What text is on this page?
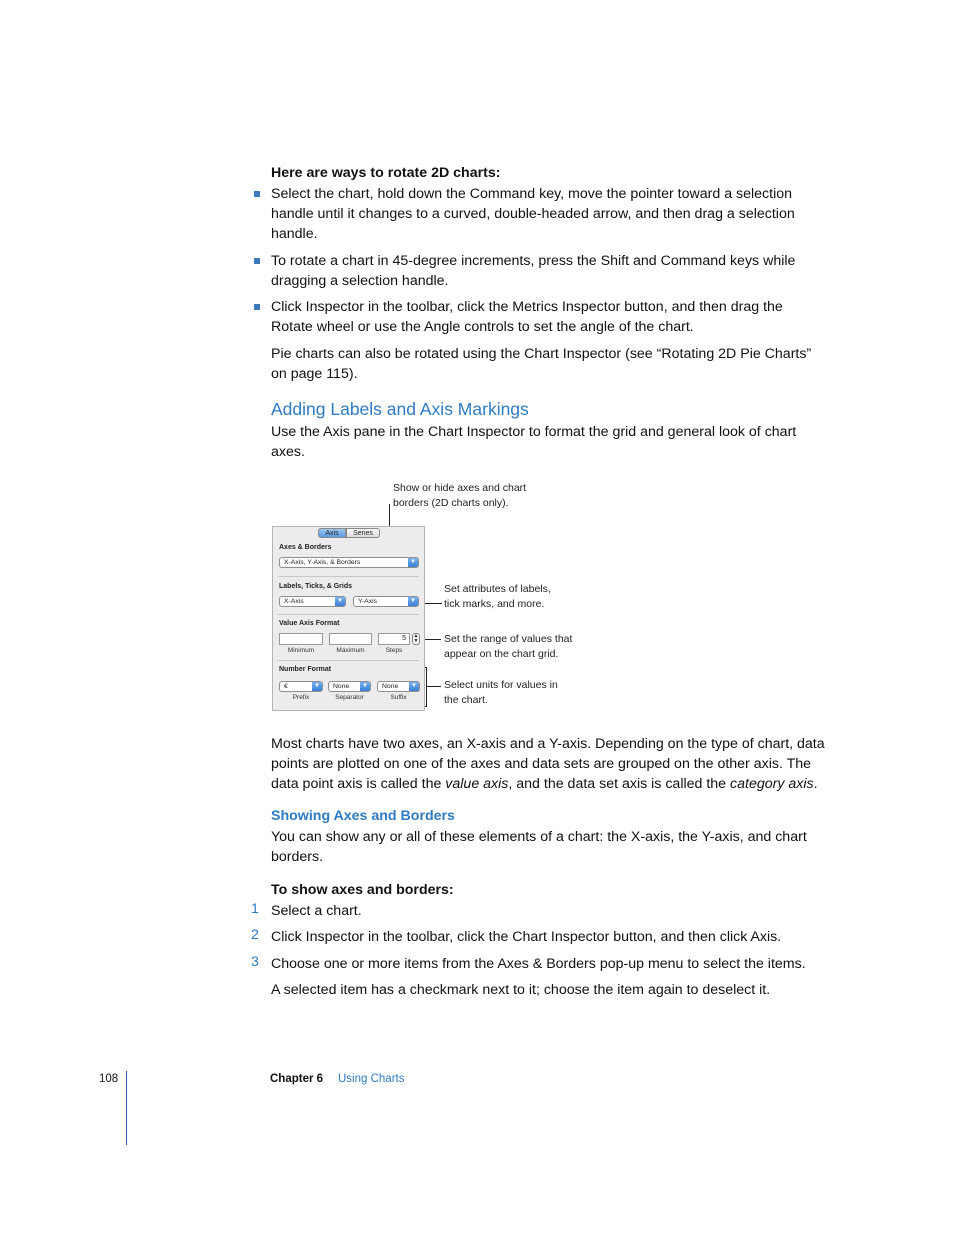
Here are ways to rotate 2D charts:
Select the chart, hold down the Command key, move the pointer toward a selection
handle until it changes to a curved, double-headed arrow, and then drag a selection
handle.
To rotate a chart in 45-degree increments, press the Shift and Command keys while
dragging a selection handle.
Click Inspector in the toolbar, click the Metrics Inspector button, and then drag the
Rotate wheel or use the Angle controls to set the angle of the chart.
Pie charts can also be rotated using the Chart Inspector (see “Rotating 2D Pie Charts”
on page 115).
Adding Labels and Axis Markings
Use the Axis pane in the Chart Inspector to format the grid and general look of chart
axes.
Show or hide axes and chart
borders (2D charts only).
Set attributes of labels,
tick marks, and more.
Set the range of values that
appear on the chart grid.
Select units for values in
the chart.
Axis	Series
Axes & Borders
X-Axis, Y-Axis, & Borders	▼
Labels, Ticks, & Grids
X-Axis	▼	Y-Axis	▼
Value Axis Format
5	▲
▼
Minimum	Maximum	Steps
Number Format
€	▼	None	▼	None	▼
Prefix	Separator	Suffix
Most charts have two axes, an X-axis and a Y-axis. Depending on the type of chart, data
points are plotted on one of the axes and data sets are grouped on the other axis. The
data point axis is called the value axis, and the data set axis is called the category axis.
Showing Axes and Borders
You can show any or all of these elements of a chart: the X-axis, the Y-axis, and chart
borders.
To show axes and borders:
1 Select a chart.
2 Click Inspector in the toolbar, click the Chart Inspector button, and then click Axis.
3 Choose one or more items from the Axes & Borders pop-up menu to select the items.
A selected item has a checkmark next to it; choose the item again to deselect it.
108	Chapter 6 Using Charts
